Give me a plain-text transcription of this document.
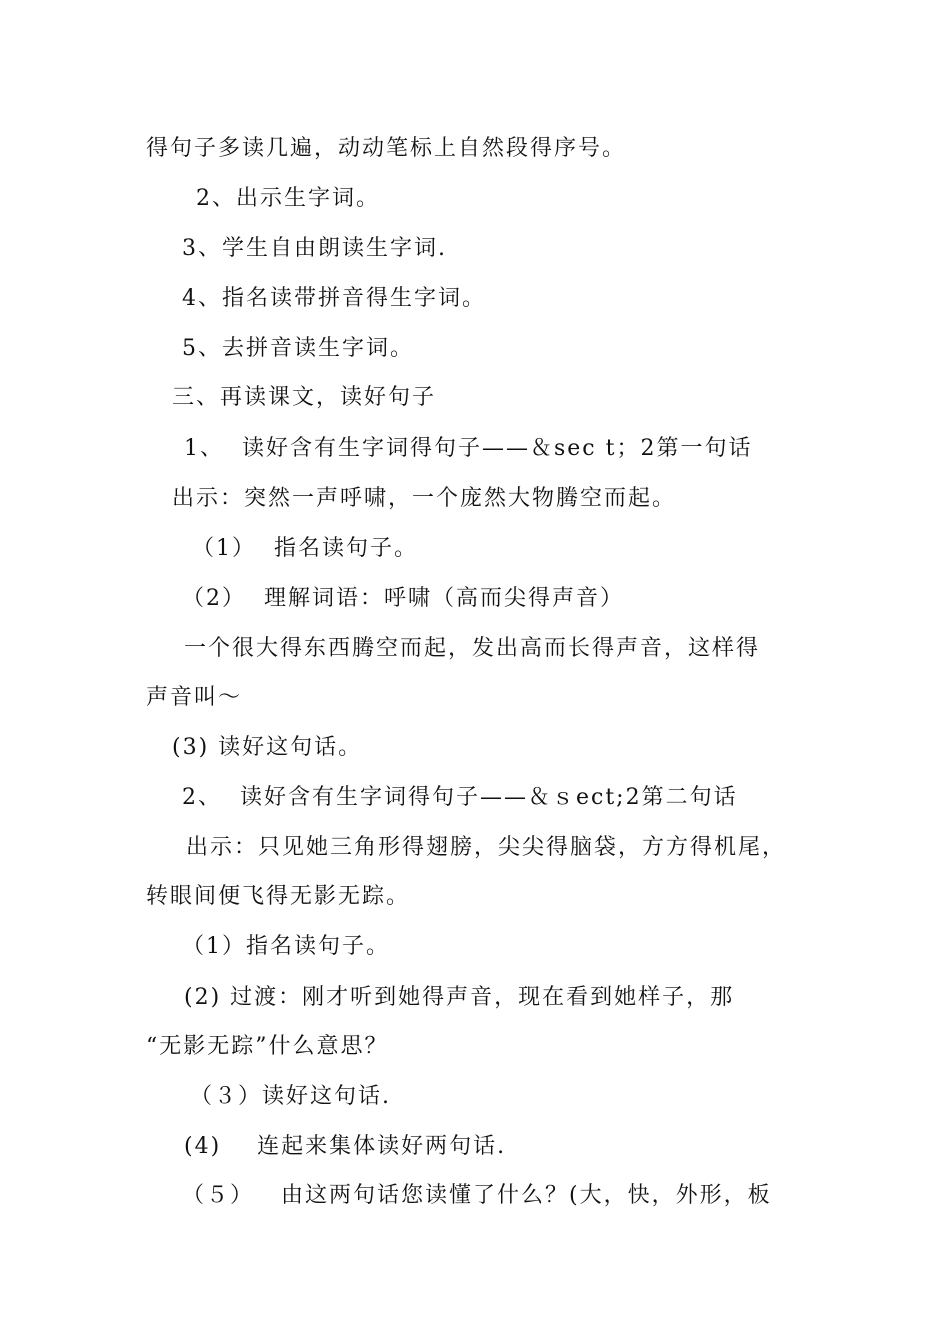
得句子多读几遍，动动笔标上自然段得序号。
2、出示生字词。
3、学生自由朗读生字词.
4、指名读带拼音得生字词。
5、去拼音读生字词。
三、再读课文，读好句子
1、  读好含有生字词得句子——＆sec t；2第一句话
出示：突然一声呼啸，一个庞然大物腾空而起。
（1）  指名读句子。
（2）  理解词语：呼啸（高而尖得声音）
一个很大得东西腾空而起，发出高而长得声音，这样得
声音叫～
(3) 读好这句话。
2、  读好含有生字词得句子——＆ｓect;2第二句话
出示：只见她三角形得翅膀，尖尖得脑袋，方方得机尾，
转眼间便飞得无影无踪。
（1）指名读句子。
(2) 过渡：刚才听到她得声音，现在看到她样子，那
“无影无踪”什么意思？
（３）读好这句话.
(4)    连起来集体读好两句话.
（５）   由这两句话您读懂了什么？(大，快，外形，板
